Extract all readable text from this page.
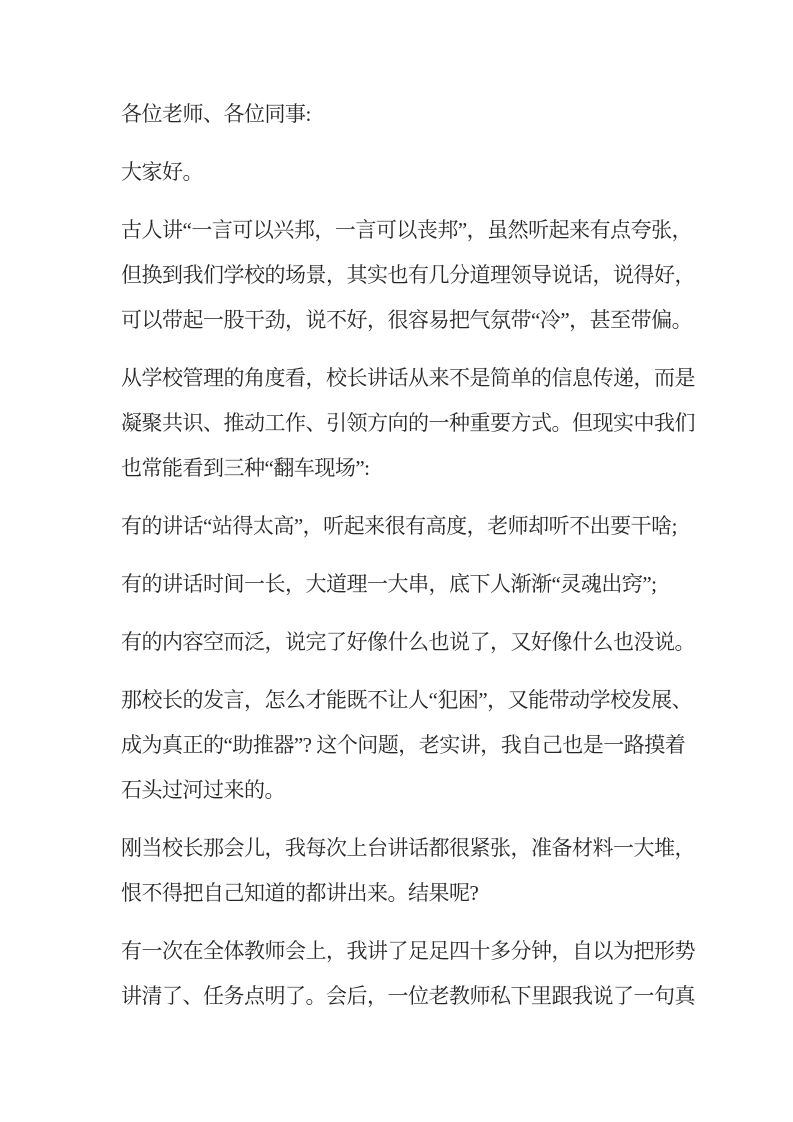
各位老师、各位同事:
大家好。
古人讲“一言可以兴邦，一言可以丧邦”，虽然听起来有点夸张，
但换到我们学校的场景，其实也有几分道理领导说话，说得好，
可以带起一股干劲，说不好，很容易把气氛带“冷”，甚至带偏。
从学校管理的角度看，校长讲话从来不是简单的信息传递，而是
凝聚共识、推动工作、引领方向的一种重要方式。但现实中我们
也常能看到三种“翻车现场”:
有的讲话“站得太高”，听起来很有高度，老师却听不出要干啥;
有的讲话时间一长，大道理一大串，底下人渐渐“灵魂出窍”;
有的内容空而泛，说完了好像什么也说了，又好像什么也没说。
那校长的发言，怎么才能既不让人“犯困”，又能带动学校发展、
成为真正的“助推器”? 这个问题，老实讲，我自己也是一路摸着
石头过河过来的。
刚当校长那会儿，我每次上台讲话都很紧张，准备材料一大堆，
恨不得把自己知道的都讲出来。结果呢?
有一次在全体教师会上，我讲了足足四十多分钟，自以为把形势
讲清了、任务点明了。会后，一位老教师私下里跟我说了一句真
